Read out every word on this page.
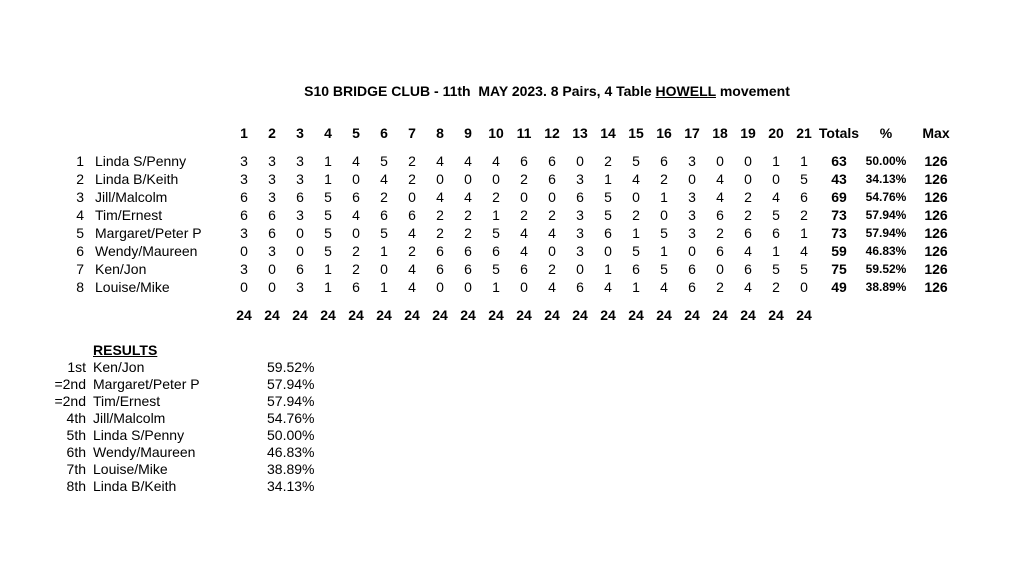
S10 BRIDGE CLUB - 11th  MAY 2023. 8 Pairs, 4 Table HOWELL movement
		1	2	3	4	5	6	7	8	9	10	11	12	13	14	15	16	17	18	19	20	21	Totals	%	Max
1	Linda S/Penny	3	3	3	1	4	5	2	4	4	4	6	6	0	2	5	6	3	0	0	1	1	63	50.00%	126
2	Linda B/Keith	3	3	3	1	0	4	2	0	0	0	2	6	3	1	4	2	0	4	0	0	5	43	34.13%	126
3	Jill/Malcolm	6	3	6	5	6	2	0	4	4	2	0	0	6	5	0	1	3	4	2	4	6	69	54.76%	126
4	Tim/Ernest	6	6	3	5	4	6	6	2	2	1	2	2	3	5	2	0	3	6	2	5	2	73	57.94%	126
5	Margaret/Peter P	3	6	0	5	0	5	4	2	2	5	4	4	3	6	1	5	3	2	6	6	1	73	57.94%	126
6	Wendy/Maureen	0	3	0	5	2	1	2	6	6	6	4	0	3	0	5	1	0	6	4	1	4	59	46.83%	126
7	Ken/Jon	3	0	6	1	2	0	4	6	6	5	6	2	0	1	6	5	6	0	6	5	5	75	59.52%	126
8	Louise/Mike	0	0	3	1	6	1	4	0	0	1	0	4	6	4	1	4	6	2	4	2	0	49	38.89%	126
		24	24	24	24	24	24	24	24	24	24	24	24	24	24	24	24	24	24	24	24	24			
RESULTS
1st	Ken/Jon	59.52%
=2nd	Margaret/Peter P	57.94%
=2nd	Tim/Ernest	57.94%
4th	Jill/Malcolm	54.76%
5th	Linda S/Penny	50.00%
6th	Wendy/Maureen	46.83%
7th	Louise/Mike	38.89%
8th	Linda B/Keith	34.13%
